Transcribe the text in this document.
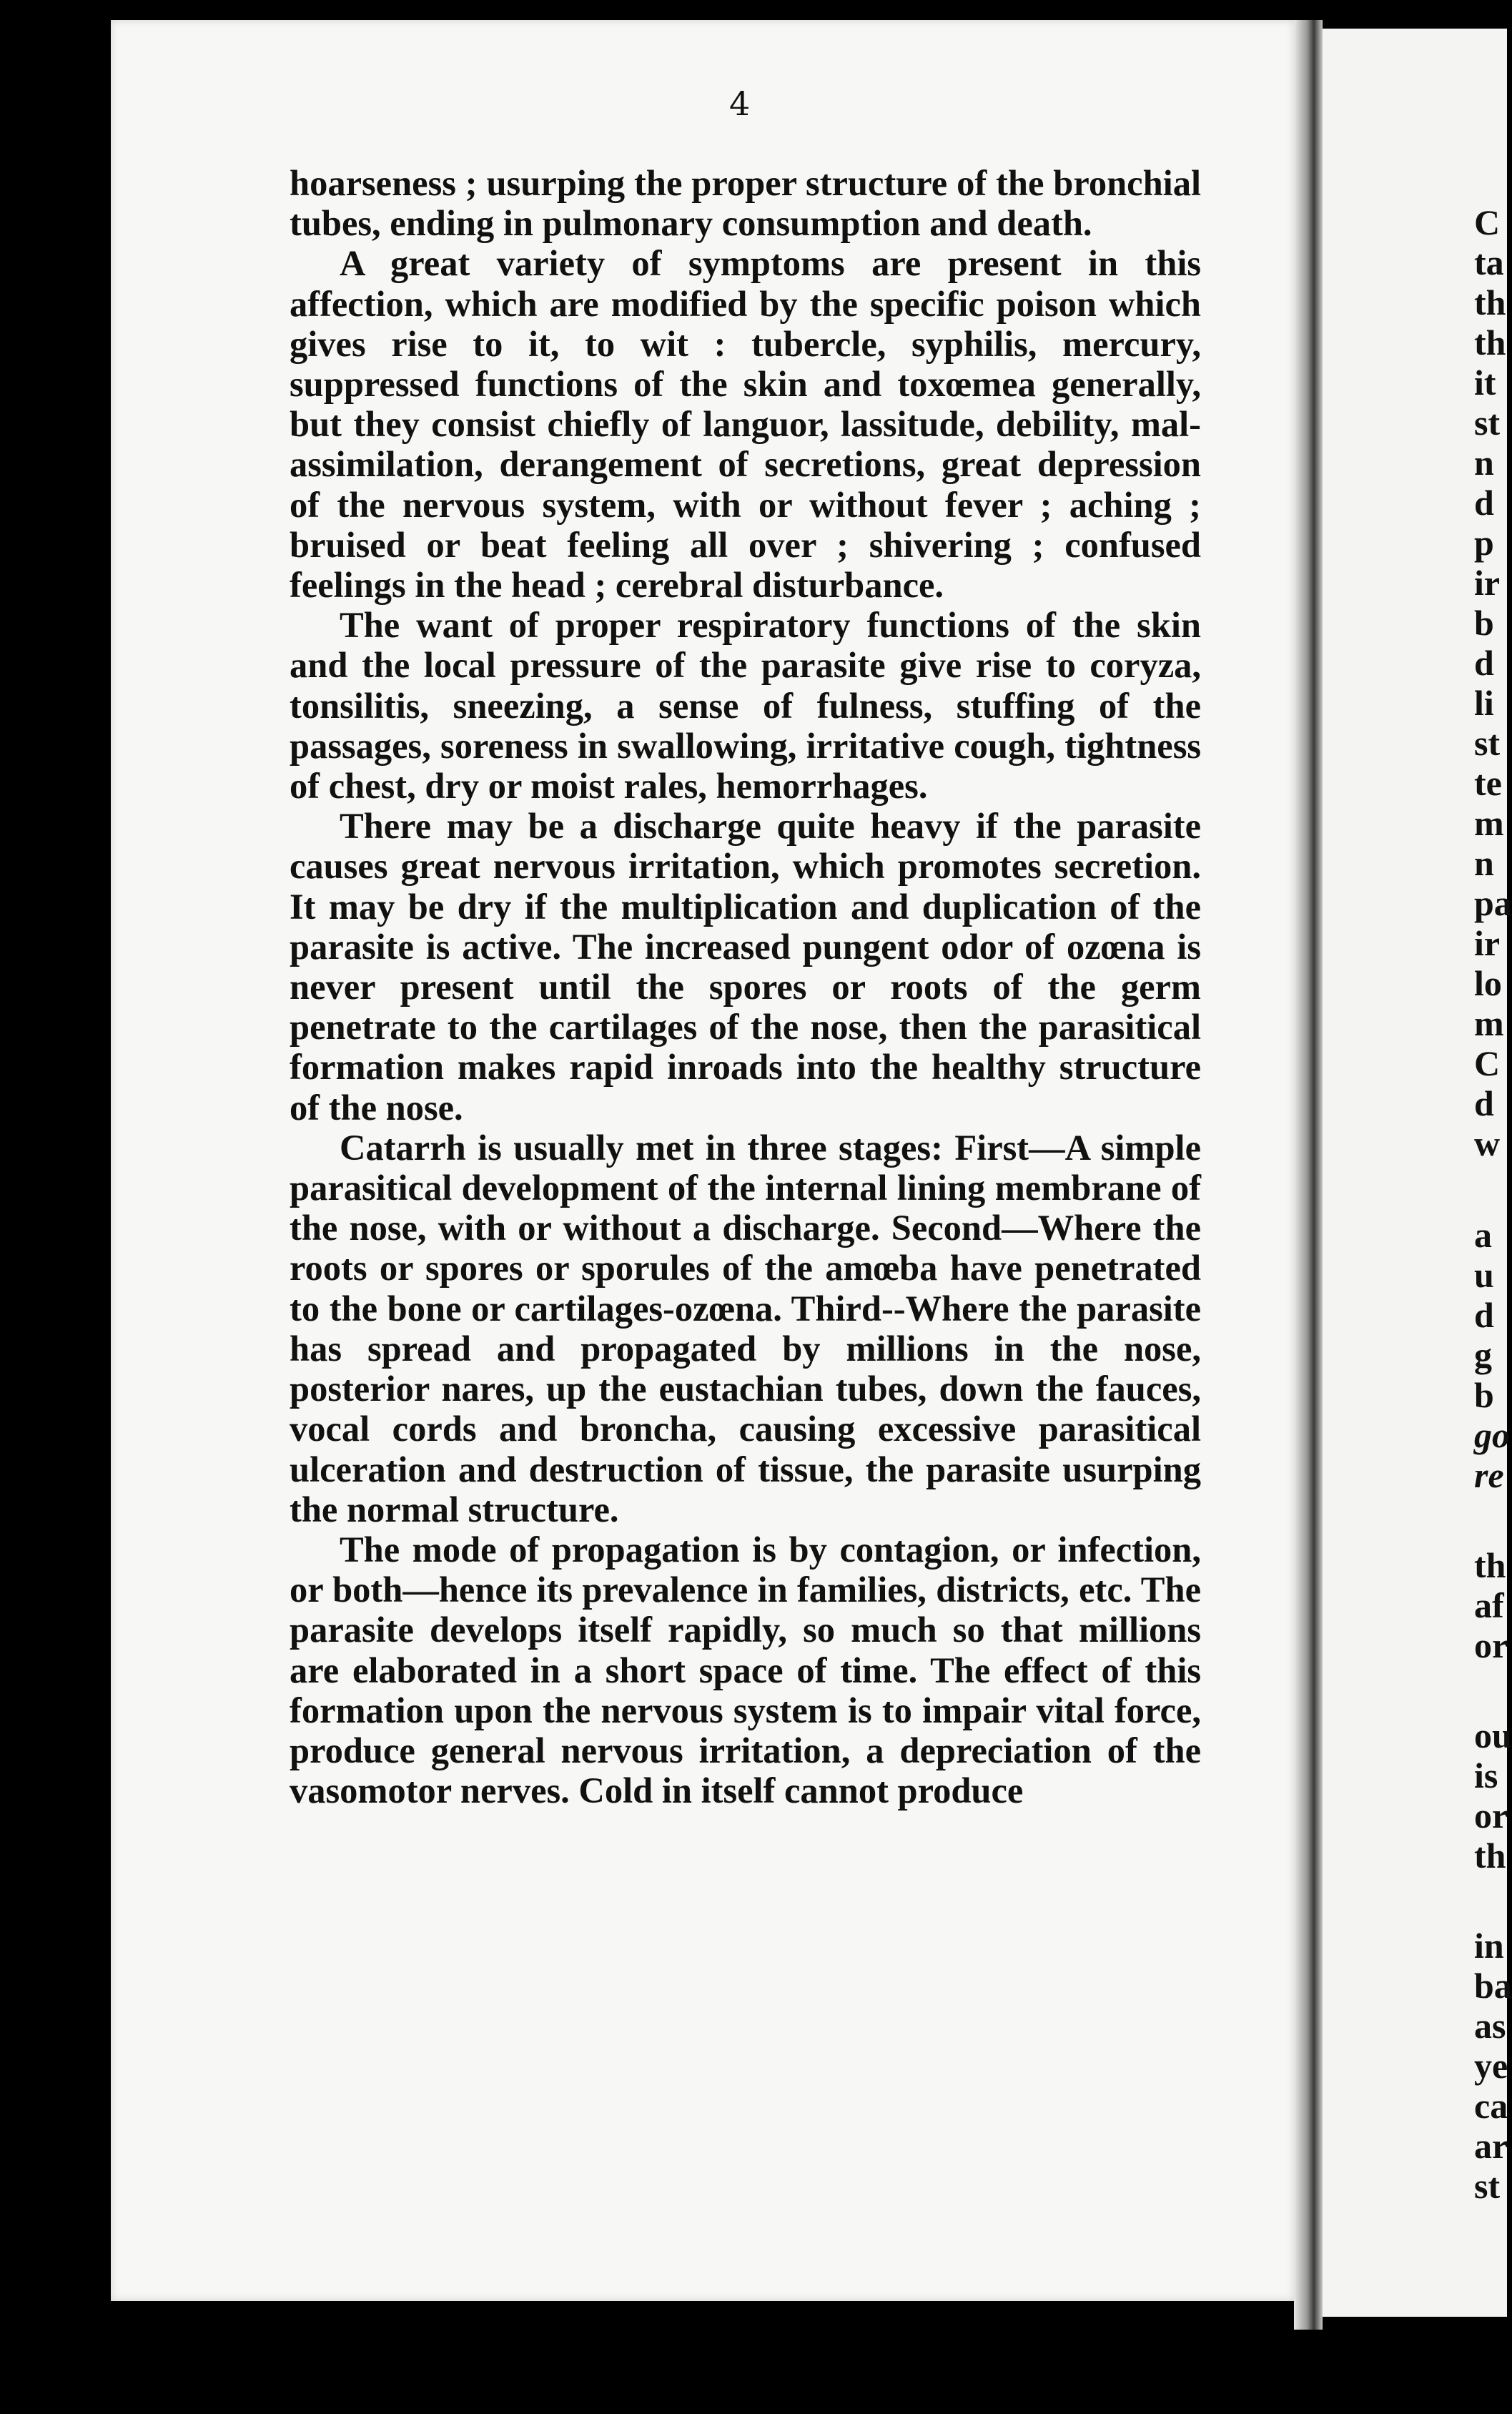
4

hoarseness ; usurping the proper structure of the bronchial tubes, ending in pulmonary consumption and death.

A great variety of symptoms are present in this affection, which are modified by the specific poison which gives rise to it, to wit : tubercle, syphilis, mercury, suppressed functions of the skin and toxœmea generally, but they consist chiefly of languor, lassitude, debility, mal-assimilation, derangement of secretions, great depression of the nervous system, with or without fever ; aching ; bruised or beat feeling all over ; shivering ; confused feelings in the head ; cerebral disturbance.

The want of proper respiratory functions of the skin and the local pressure of the parasite give rise to coryza, tonsilitis, sneezing, a sense of fulness, stuffing of the passages, soreness in swallowing, irritative cough, tightness of chest, dry or moist rales, hemorrhages.

There may be a discharge quite heavy if the parasite causes great nervous irritation, which promotes secretion. It may be dry if the multiplication and duplication of the parasite is active. The increased pungent odor of ozœna is never present until the spores or roots of the germ penetrate to the cartilages of the nose, then the parasitical formation makes rapid inroads into the healthy structure of the nose.

Catarrh is usually met in three stages: First—A simple parasitical development of the internal lining membrane of the nose, with or without a discharge. Second—Where the roots or spores or sporules of the amœba have penetrated to the bone or cartilages-ozœna. Third--Where the parasite has spread and propagated by millions in the nose, posterior nares, up the eustachian tubes, down the fauces, vocal cords and broncha, causing excessive parasitical ulceration and destruction of tissue, the parasite usurping the normal structure.

The mode of propagation is by contagion, or infection, or both—hence its prevalence in families, districts, etc. The parasite develops itself rapidly, so much so that millions are elaborated in a short space of time. The effect of this formation upon the nervous system is to impair vital force, produce general nervous irritation, a depreciation of the vasomotor nerves. Cold in itself cannot produce

C
ta
th
th
it
st
n
d
p
ir
b
d
li
st
te
m
n
pa
ir
lo
m
C
d
w
a
u
d
g
b
go
re
th
af
or
ou
is
or
th
in
ba
as
ye
ca
ar
st
